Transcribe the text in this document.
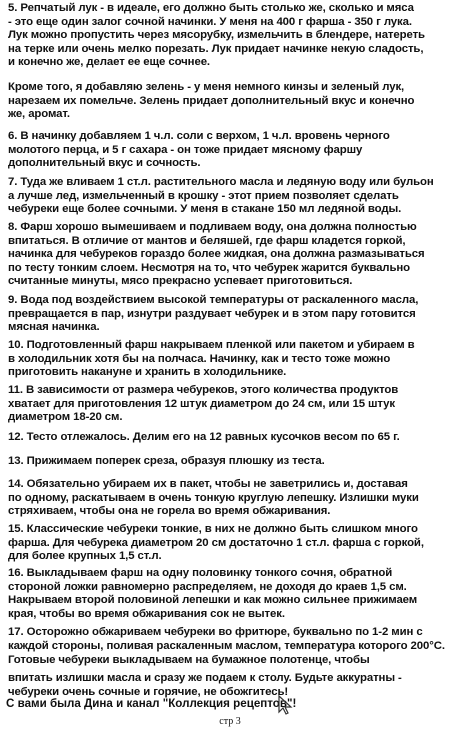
5. Репчатый лук - в идеале, его должно быть столько же, сколько и мяса
- это еще один залог сочной начинки. У меня на 400 г фарша - 350 г лука.
Лук можно пропустить через мясорубку, измельчить в блендере, натереть
на терке или очень мелко порезать. Лук придает начинке некую сладость,
и конечно же, делает ее еще сочнее.

Кроме того, я добавляю зелень - у меня немного кинзы и зеленый лук,
нарезаем их помельче. Зелень придает дополнительный вкус и конечно
же, аромат.

6. В начинку добавляем 1 ч.л. соли с верхом, 1 ч.л. вровень черного
молотого перца, и 5 г сахара - он тоже придает мясному фаршу
дополнительный вкус и сочность.

7. Туда же вливаем 1 ст.л. растительного масла и ледяную воду или бульон
а лучше лед, измельченный в крошку - этот прием позволяет сделать
чебуреки еще более сочными. У меня в стакане 150 мл ледяной воды.

8. Фарш хорошо вымешиваем и подливаем воду, она должна полностью
впитаться. В отличие от мантов и беляшей, где фарш кладется горкой,
начинка для чебуреков гораздо более жидкая, она должна размазываться
по тесту тонким слоем. Несмотря на то, что чебурек жарится буквально
считанные минуты, мясо прекрасно успевает приготовиться.

9. Вода под воздействием высокой температуры от раскаленного масла,
превращается в пар, изнутри раздувает чебурек и в этом пару готовится
мясная начинка.

10. Подготовленный фарш накрываем пленкой или пакетом и убираем в
в холодильник хотя бы на полчаса. Начинку, как и тесто тоже можно
приготовить накануне и хранить в холодильнике.

11. В зависимости от размера чебуреков, этого количества продуктов
хватает для приготовления 12 штук диаметром до 24 см, или 15 штук
диаметром 18-20 см.

12. Тесто отлежалось. Делим его на 12 равных кусочков весом по 65 г.

13. Прижимаем поперек среза, образуя плюшку из теста.

14. Обязательно убираем их в пакет, чтобы не заветрились и, доставая
по одному, раскатываем в очень тонкую круглую лепешку. Излишки муки
стряхиваем, чтобы она не горела во время обжаривания.

15. Классические чебуреки тонкие, в них не должно быть слишком много
фарша. Для чебурека диаметром 20 см достаточно 1 ст.л. фарша с горкой,
для более крупных 1,5 ст.л.

16. Выкладываем фарш на одну половинку тонкого сочня, обратной
стороной ложки равномерно распределяем, не доходя до краев 1,5 см.
Накрываем второй половиной лепешки и как можно сильнее прижимаем
края, чтобы во время обжаривания сок не вытек.

17. Осторожно обжариваем чебуреки во фритюре, буквально по 1-2 мин с
каждой стороны, поливая раскаленным маслом, температура которого 200°С.

Готовые чебуреки выкладываем на бумажное полотенце, чтобы

впитать излишки масла и сразу же подаем к столу. Будьте аккуратны -
чебуреки очень сочные и горячие, не обожгитесь!

С вами была Дина и канал "Коллекция рецептов"!

стр 3
